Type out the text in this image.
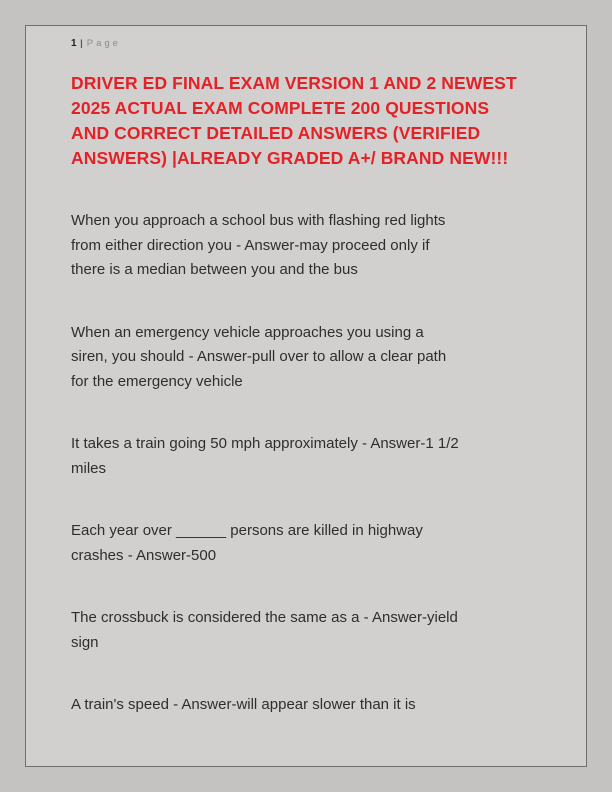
1 | Page
DRIVER ED FINAL EXAM VERSION 1 AND 2 NEWEST
2025 ACTUAL EXAM COMPLETE 200 QUESTIONS
AND CORRECT DETAILED ANSWERS (VERIFIED
ANSWERS) |ALREADY GRADED A+/ BRAND NEW!!!
When you approach a school bus with flashing red lights
from either direction you - Answer-may proceed only if
there is a median between you and the bus
When an emergency vehicle approaches you using a
siren, you should - Answer-pull over to allow a clear path
for the emergency vehicle
It takes a train going 50 mph approximately - Answer-1 1/2
miles
Each year over ______ persons are killed in highway
crashes - Answer-500
The crossbuck is considered the same as a - Answer-yield
sign
A train's speed - Answer-will appear slower than it is
